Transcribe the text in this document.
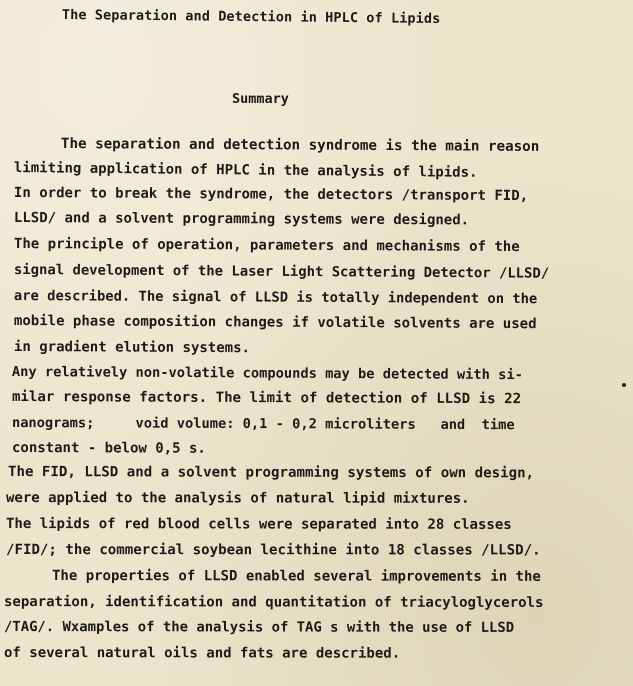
The Separation and Detection in HPLC of Lipids
Summary
The separation and detection syndrome is the main reason
limiting application of HPLC in the analysis of lipids.
In order to break the syndrome, the detectors /transport FID,
LLSD/ and a solvent programming systems were designed.
The principle of operation, parameters and mechanisms of the
signal development of the Laser Light Scattering Detector /LLSD/
are described. The signal of LLSD is totally independent on the
mobile phase composition changes if volatile solvents are used
in gradient elution systems.
Any relatively non-volatile compounds may be detected with si-
milar response factors. The limit of detection of LLSD is 22
nanograms;     void volume: 0,1 - 0,2 microliters   and  time
constant - below 0,5 s.
The FID, LLSD and a solvent programming systems of own design,
were applied to the analysis of natural lipid mixtures.
The lipids of red blood cells were separated into 28 classes
/FID/; the commercial soybean lecithine into 18 classes /LLSD/.
The properties of LLSD enabled several improvements in the
separation, identification and quantitation of triacyloglycerols
/TAG/. Wxamples of the analysis of TAG s with the use of LLSD
of several natural oils and fats are described.
